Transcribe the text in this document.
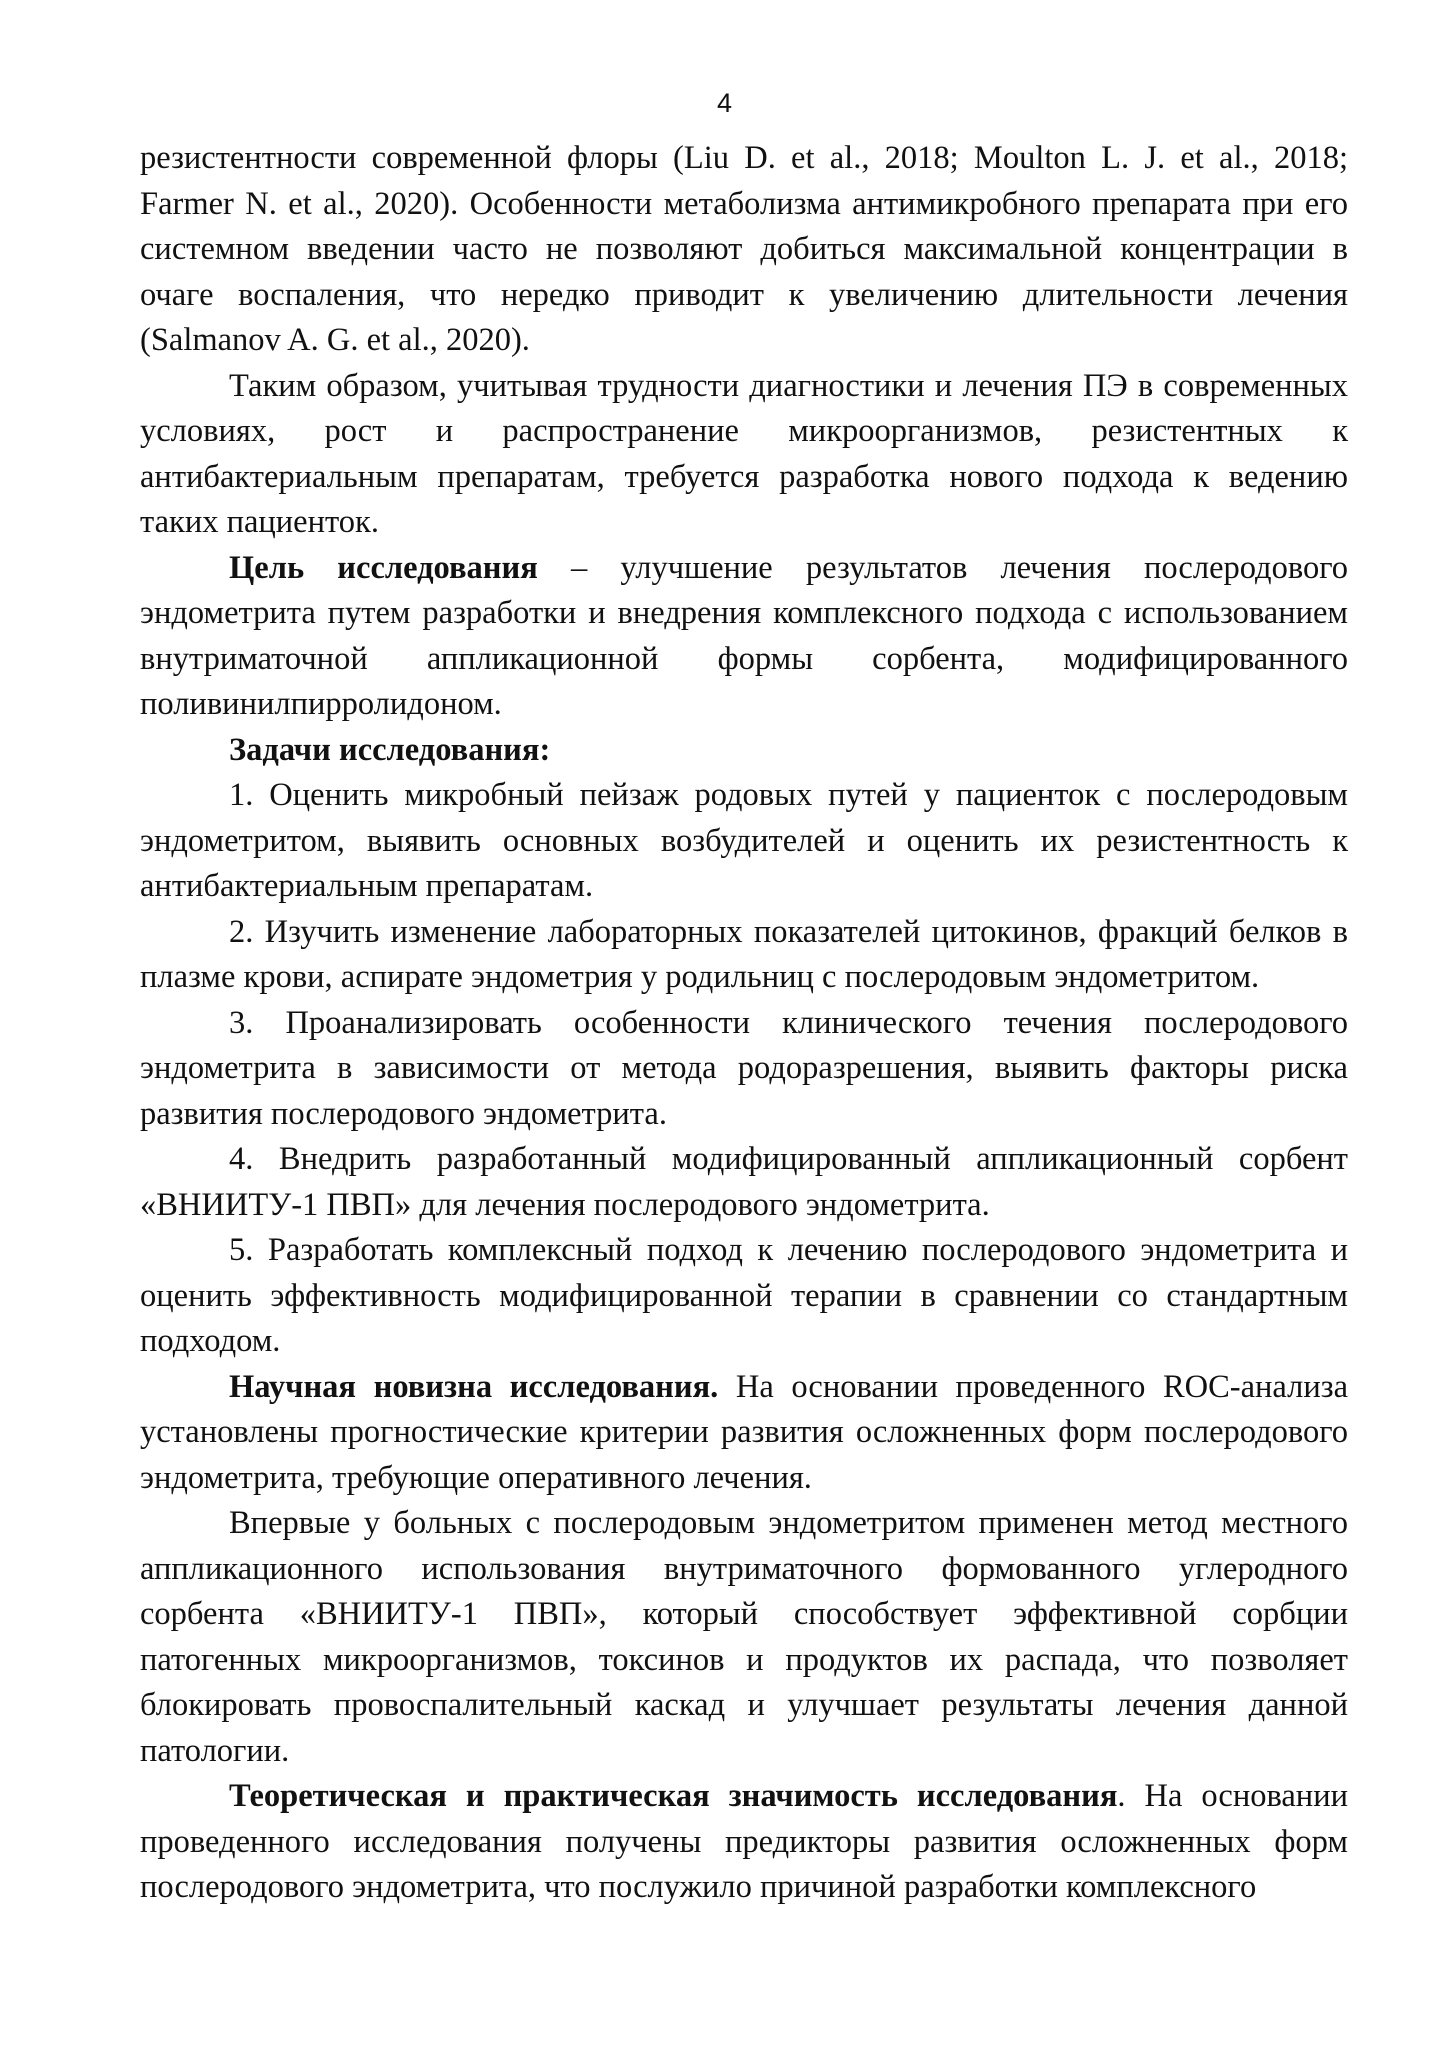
4

резистентности современной флоры (Liu D. et al., 2018; Moulton L. J. et al., 2018; Farmer N. et al., 2020). Особенности метаболизма антимикробного препарата при его системном введении часто не позволяют добиться максимальной концентрации в очаге воспаления, что нередко приводит к увеличению длительности лечения (Salmanov A. G. et al., 2020).

Таким образом, учитывая трудности диагностики и лечения ПЭ в современных условиях, рост и распространение микроорганизмов, резистентных к антибактериальным препаратам, требуется разработка нового подхода к ведению таких пациенток.

Цель исследования – улучшение результатов лечения послеродового эндометрита путем разработки и внедрения комплексного подхода с использованием внутриматочной аппликационной формы сорбента, модифицированного поливинилпирролидоном.

Задачи исследования:

1. Оценить микробный пейзаж родовых путей у пациенток с послеродовым эндометритом, выявить основных возбудителей и оценить их резистентность к антибактериальным препаратам.

2. Изучить изменение лабораторных показателей цитокинов, фракций белков в плазме крови, аспирате эндометрия у родильниц с послеродовым эндометритом.

3. Проанализировать особенности клинического течения послеродового эндометрита в зависимости от метода родоразрешения, выявить факторы риска развития послеродового эндометрита.

4. Внедрить разработанный модифицированный аппликационный сорбент «ВНИИТУ-1 ПВП» для лечения послеродового эндометрита.

5. Разработать комплексный подход к лечению послеродового эндометрита и оценить эффективность модифицированной терапии в сравнении со стандартным подходом.

Научная новизна исследования. На основании проведенного ROC-анализа установлены прогностические критерии развития осложненных форм послеродового эндометрита, требующие оперативного лечения.

Впервые у больных с послеродовым эндометритом применен метод местного аппликационного использования внутриматочного формованного углеродного сорбента «ВНИИТУ-1 ПВП», который способствует эффективной сорбции патогенных микроорганизмов, токсинов и продуктов их распада, что позволяет блокировать провоспалительный каскад и улучшает результаты лечения данной патологии.

Теоретическая и практическая значимость исследования. На основании проведенного исследования получены предикторы развития осложненных форм послеродового эндометрита, что послужило причиной разработки комплексного
